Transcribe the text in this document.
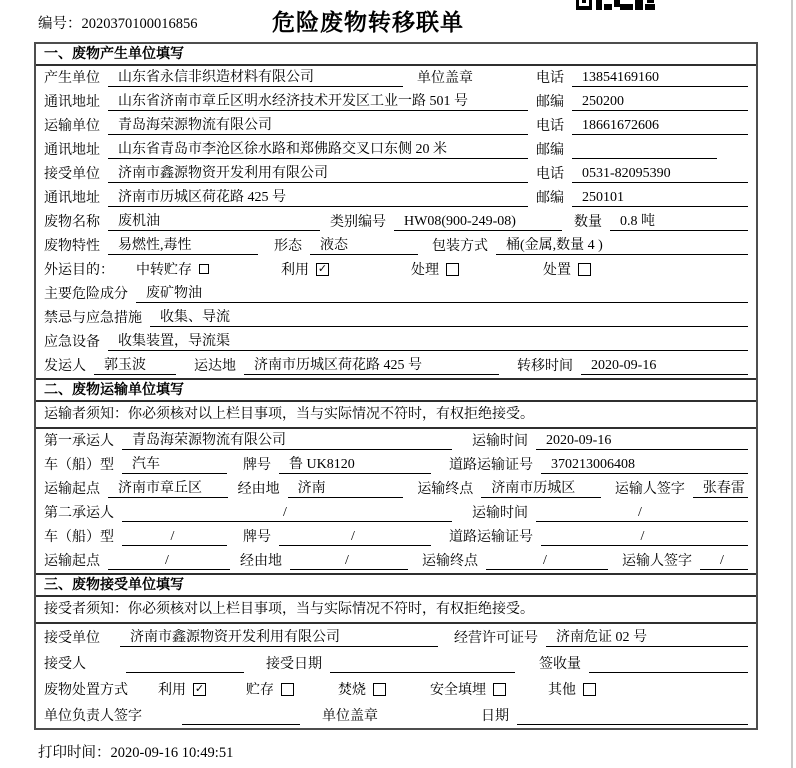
编号：2020370100016856	危险废物转移联单
一、废物产生单位填写
产生单位	山东省永信非织造材料有限公司	单位盖章	电话	13854169160
通讯地址	山东省济南市章丘区明水经济技术开发区工业一路 501 号	邮编	250200
运输单位	青岛海荣源物流有限公司	电话	18661672606
通讯地址	山东省青岛市李沧区徐水路和郑佛路交叉口东侧 20 米	邮编
接受单位	济南市鑫源物资开发利用有限公司	电话	0531-82095390
通讯地址	济南市历城区荷花路 425 号	邮编	250101
废物名称	废机油	类别编号	HW08(900-249-08)	数量	0.8 吨
废物特性	易燃性,毒性	形态	液态	包装方式	桶(金属,数量 4 )
外运目的：	中转贮存	利用 ✓	处理	处置
主要危险成分	废矿物油
禁忌与应急措施	收集、导流
应急设备	收集装置，导流渠
发运人	郭玉波	运达地	济南市历城区荷花路 425 号	转移时间	2020-09-16
二、废物运输单位填写
运输者须知：你必须核对以上栏目事项，当与实际情况不符时，有权拒绝接受。
第一承运人	青岛海荣源物流有限公司	运输时间	2020-09-16
车（船）型	汽车	牌号	鲁 UK8120	道路运输证号	370213006408
运输起点	济南市章丘区	经由地	济南	运输终点	济南市历城区	运输人签字	张春雷
第二承运人	/	运输时间	/
车（船）型	/	牌号	/	道路运输证号	/
运输起点	/	经由地	/	运输终点	/	运输人签字	/
三、废物接受单位填写
接受者须知：你必须核对以上栏目事项，当与实际情况不符时，有权拒绝接受。
接受单位	济南市鑫源物资开发利用有限公司	经营许可证号	济南危证 02 号
接受人	接受日期	签收量
废物处置方式	利用 ✓	贮存	焚烧	安全填埋	其他
单位负责人签字	单位盖章	日期
打印时间：2020-09-16 10:49:51
